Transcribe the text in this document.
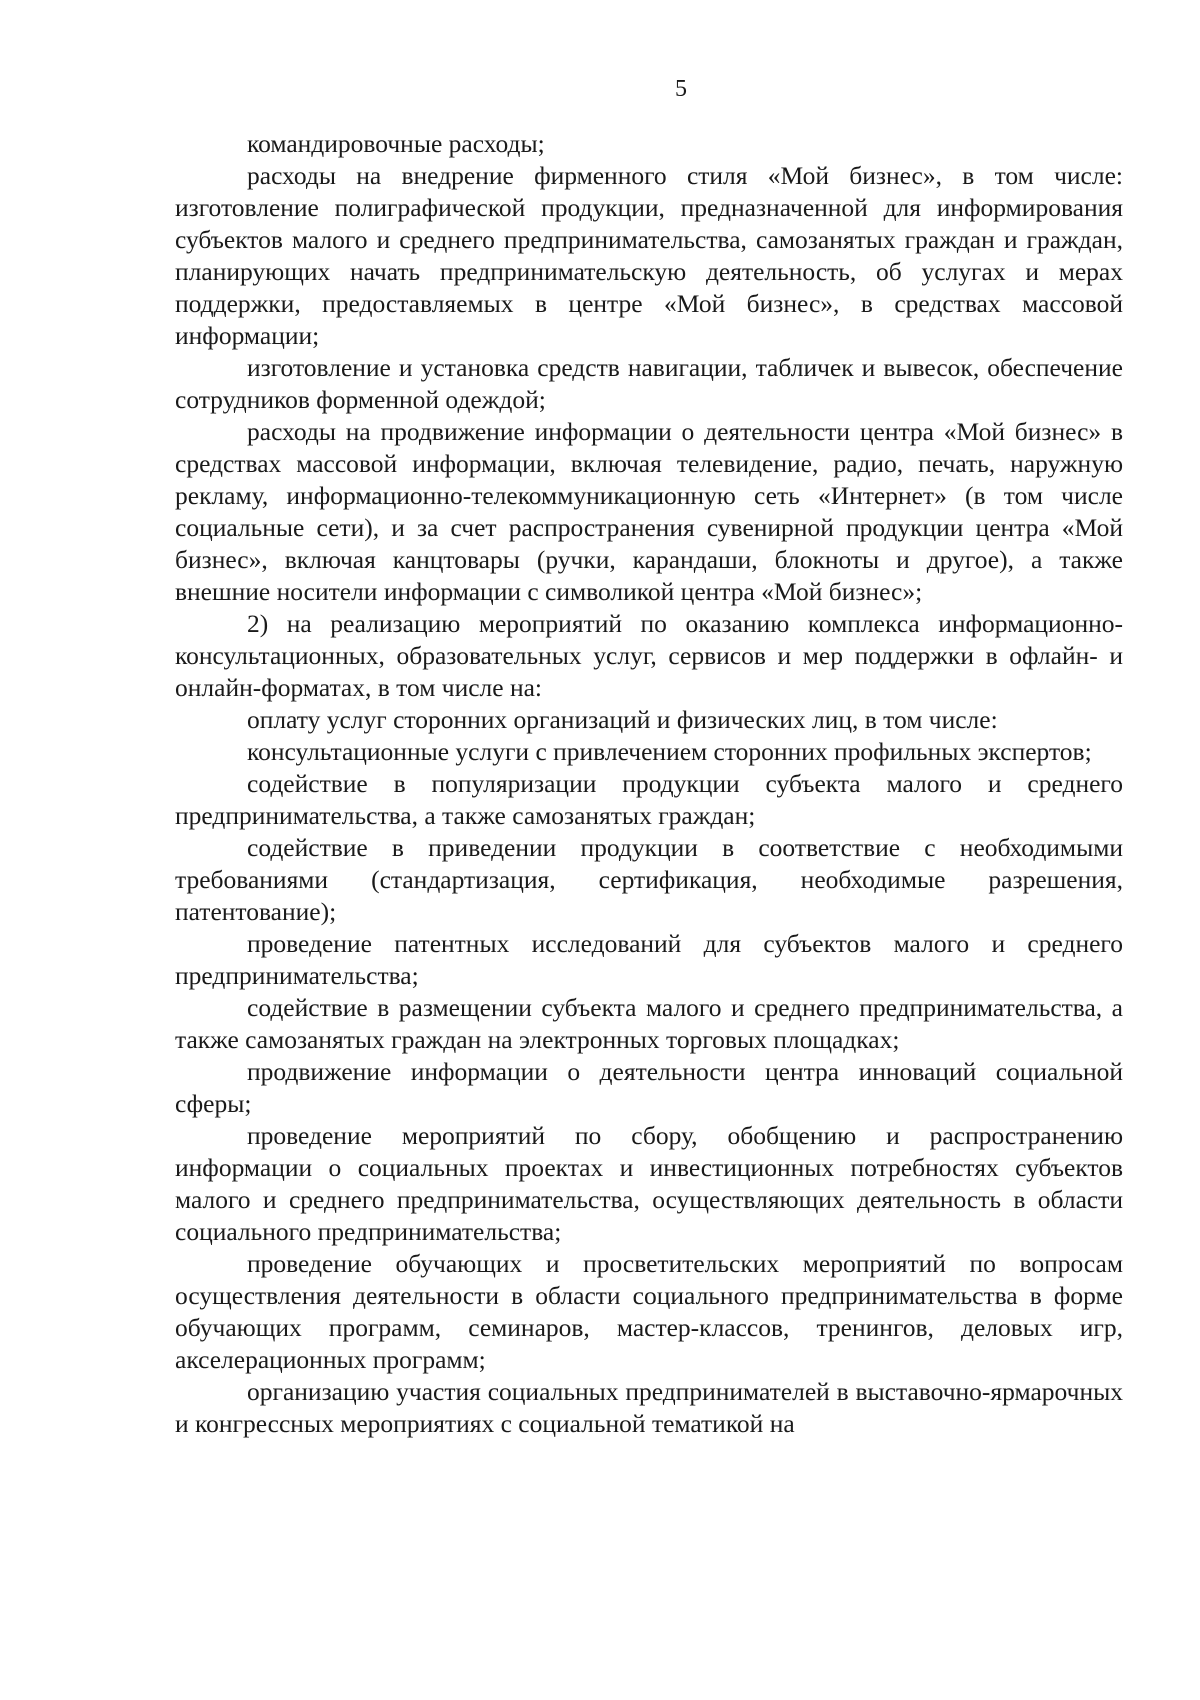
5

командировочные расходы;

расходы на внедрение фирменного стиля «Мой бизнес», в том числе: изготовление полиграфической продукции, предназначенной для информирования субъектов малого и среднего предпринимательства, самозанятых граждан и граждан, планирующих начать предпринимательскую деятельность, об услугах и мерах поддержки, предоставляемых в центре «Мой бизнес», в средствах массовой информации;

изготовление и установка средств навигации, табличек и вывесок, обеспечение сотрудников форменной одеждой;

расходы на продвижение информации о деятельности центра «Мой бизнес» в средствах массовой информации, включая телевидение, радио, печать, наружную рекламу, информационно-телекоммуникационную сеть «Интернет» (в том числе социальные сети), и за счет распространения сувенирной продукции центра «Мой бизнес», включая канцтовары (ручки, карандаши, блокноты и другое), а также внешние носители информации с символикой центра «Мой бизнес»;

2) на реализацию мероприятий по оказанию комплекса информационно-консультационных, образовательных услуг, сервисов и мер поддержки в офлайн- и онлайн-форматах, в том числе на:

оплату услуг сторонних организаций и физических лиц, в том числе:

консультационные услуги с привлечением сторонних профильных экспертов;

содействие в популяризации продукции субъекта малого и среднего предпринимательства, а также самозанятых граждан;

содействие в приведении продукции в соответствие с необходимыми требованиями (стандартизация, сертификация, необходимые разрешения, патентование);

проведение патентных исследований для субъектов малого и среднего предпринимательства;

содействие в размещении субъекта малого и среднего предпринимательства, а также самозанятых граждан на электронных торговых площадках;

продвижение информации о деятельности центра инноваций социальной сферы;

проведение мероприятий по сбору, обобщению и распространению информации о социальных проектах и инвестиционных потребностях субъектов малого и среднего предпринимательства, осуществляющих деятельность в области социального предпринимательства;

проведение обучающих и просветительских мероприятий по вопросам осуществления деятельности в области социального предпринимательства в форме обучающих программ, семинаров, мастер-классов, тренингов, деловых игр, акселерационных программ;

организацию участия социальных предпринимателей в выставочно-ярмарочных и конгрессных мероприятиях с социальной тематикой на
